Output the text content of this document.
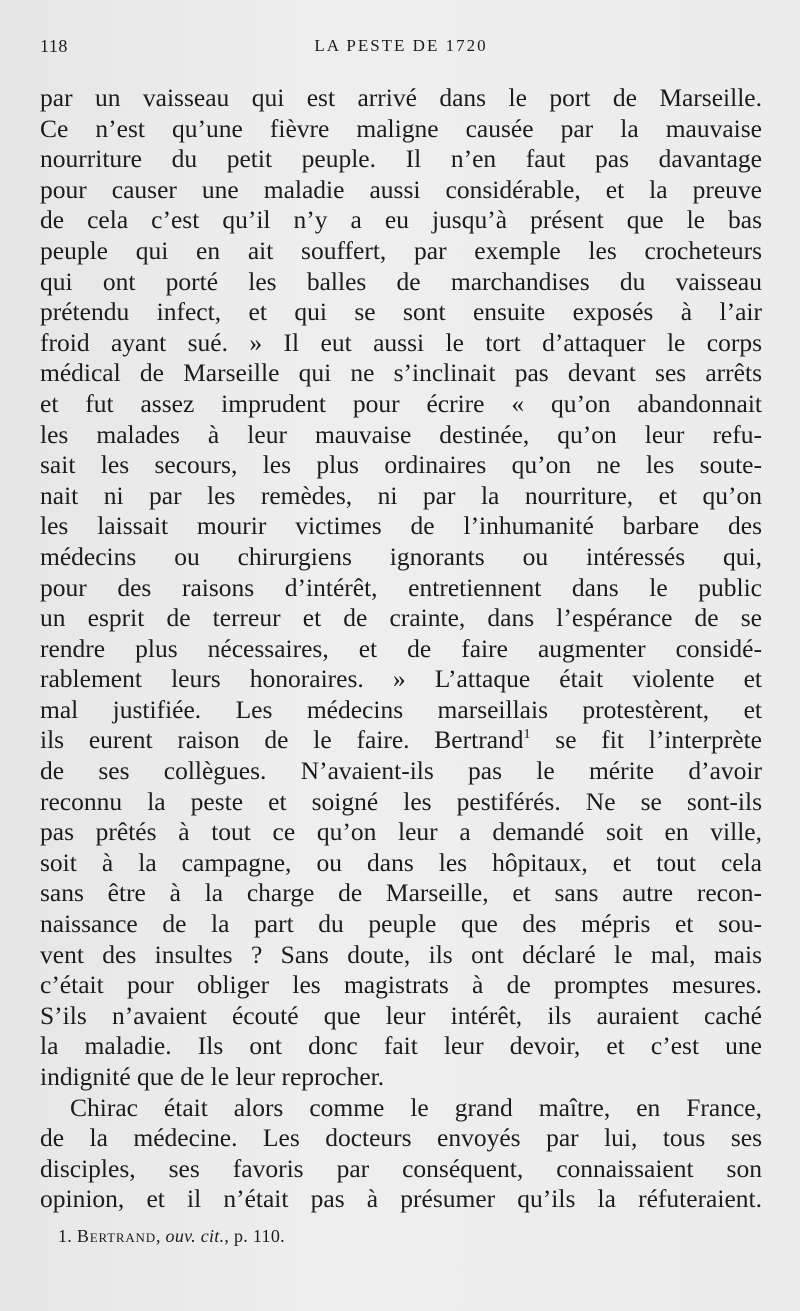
118	LA PESTE DE 1720
par un vaisseau qui est arrivé dans le port de Marseille.
Ce n’est qu’une fièvre maligne causée par la mauvaise
nourriture du petit peuple. Il n’en faut pas davantage
pour causer une maladie aussi considérable, et la preuve
de cela c’est qu’il n’y a eu jusqu’à présent que le bas
peuple qui en ait souffert, par exemple les crocheteurs
qui ont porté les balles de marchandises du vaisseau
prétendu infect, et qui se sont ensuite exposés à l’air
froid ayant sué. » Il eut aussi le tort d’attaquer le corps
médical de Marseille qui ne s’inclinait pas devant ses arrêts
et fut assez imprudent pour écrire « qu’on abandonnait
les malades à leur mauvaise destinée, qu’on leur refu-
sait les secours, les plus ordinaires qu’on ne les soute-
nait ni par les remèdes, ni par la nourriture, et qu’on
les laissait mourir victimes de l’inhumanité barbare des
médecins ou chirurgiens ignorants ou intéressés qui,
pour des raisons d’intérêt, entretiennent dans le public
un esprit de terreur et de crainte, dans l’espérance de se
rendre plus nécessaires, et de faire augmenter considé-
rablement leurs honoraires. » L’attaque était violente et
mal justifiée. Les médecins marseillais protestèrent, et
ils eurent raison de le faire. Bertrand$^1$ se fit l’interprète
de ses collègues. N’avaient-ils pas le mérite d’avoir
reconnu la peste et soigné les pestiférés. Ne se sont-ils
pas prêtés à tout ce qu’on leur a demandé soit en ville,
soit à la campagne, ou dans les hôpitaux, et tout cela
sans être à la charge de Marseille, et sans autre recon-
naissance de la part du peuple que des mépris et sou-
vent des insultes ? Sans doute, ils ont déclaré le mal, mais
c’était pour obliger les magistrats à de promptes mesures.
S’ils n’avaient écouté que leur intérêt, ils auraient caché
la maladie. Ils ont donc fait leur devoir, et c’est une
indignité que de le leur reprocher.
Chirac était alors comme le grand maître, en France,
de la médecine. Les docteurs envoyés par lui, tous ses
disciples, ses favoris par conséquent, connaissaient son
opinion, et il n’était pas à présumer qu’ils la réfuteraient.
1. Bertrand, ouv. cit., p. 110.
